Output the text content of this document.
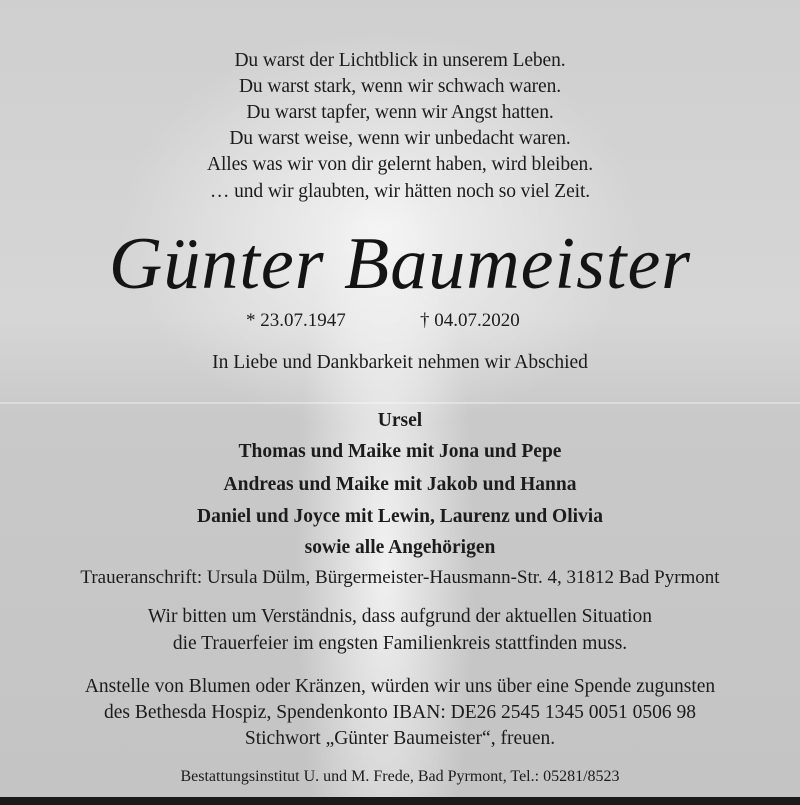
Du warst der Lichtblick in unserem Leben.
Du warst stark, wenn wir schwach waren.
Du warst tapfer, wenn wir Angst hatten.
Du warst weise, wenn wir unbedacht waren.
Alles was wir von dir gelernt haben, wird bleiben.
… und wir glaubten, wir hätten noch so viel Zeit.
Günter Baumeister
* 23.07.1947	† 04.07.2020
In Liebe und Dankbarkeit nehmen wir Abschied
Ursel
Thomas und Maike mit Jona und Pepe
Andreas und Maike mit Jakob und Hanna
Daniel und Joyce mit Lewin, Laurenz und Olivia
sowie alle Angehörigen
Traueranschrift: Ursula Dülm, Bürgermeister-Hausmann-Str. 4, 31812 Bad Pyrmont
Wir bitten um Verständnis, dass aufgrund der aktuellen Situation
die Trauerfeier im engsten Familienkreis stattfinden muss.
Anstelle von Blumen oder Kränzen, würden wir uns über eine Spende zugunsten
des Bethesda Hospiz, Spendenkonto IBAN: DE26 2545 1345 0051 0506 98
Stichwort „Günter Baumeister“, freuen.
Bestattungsinstitut U. und M. Frede, Bad Pyrmont, Tel.: 05281/8523
